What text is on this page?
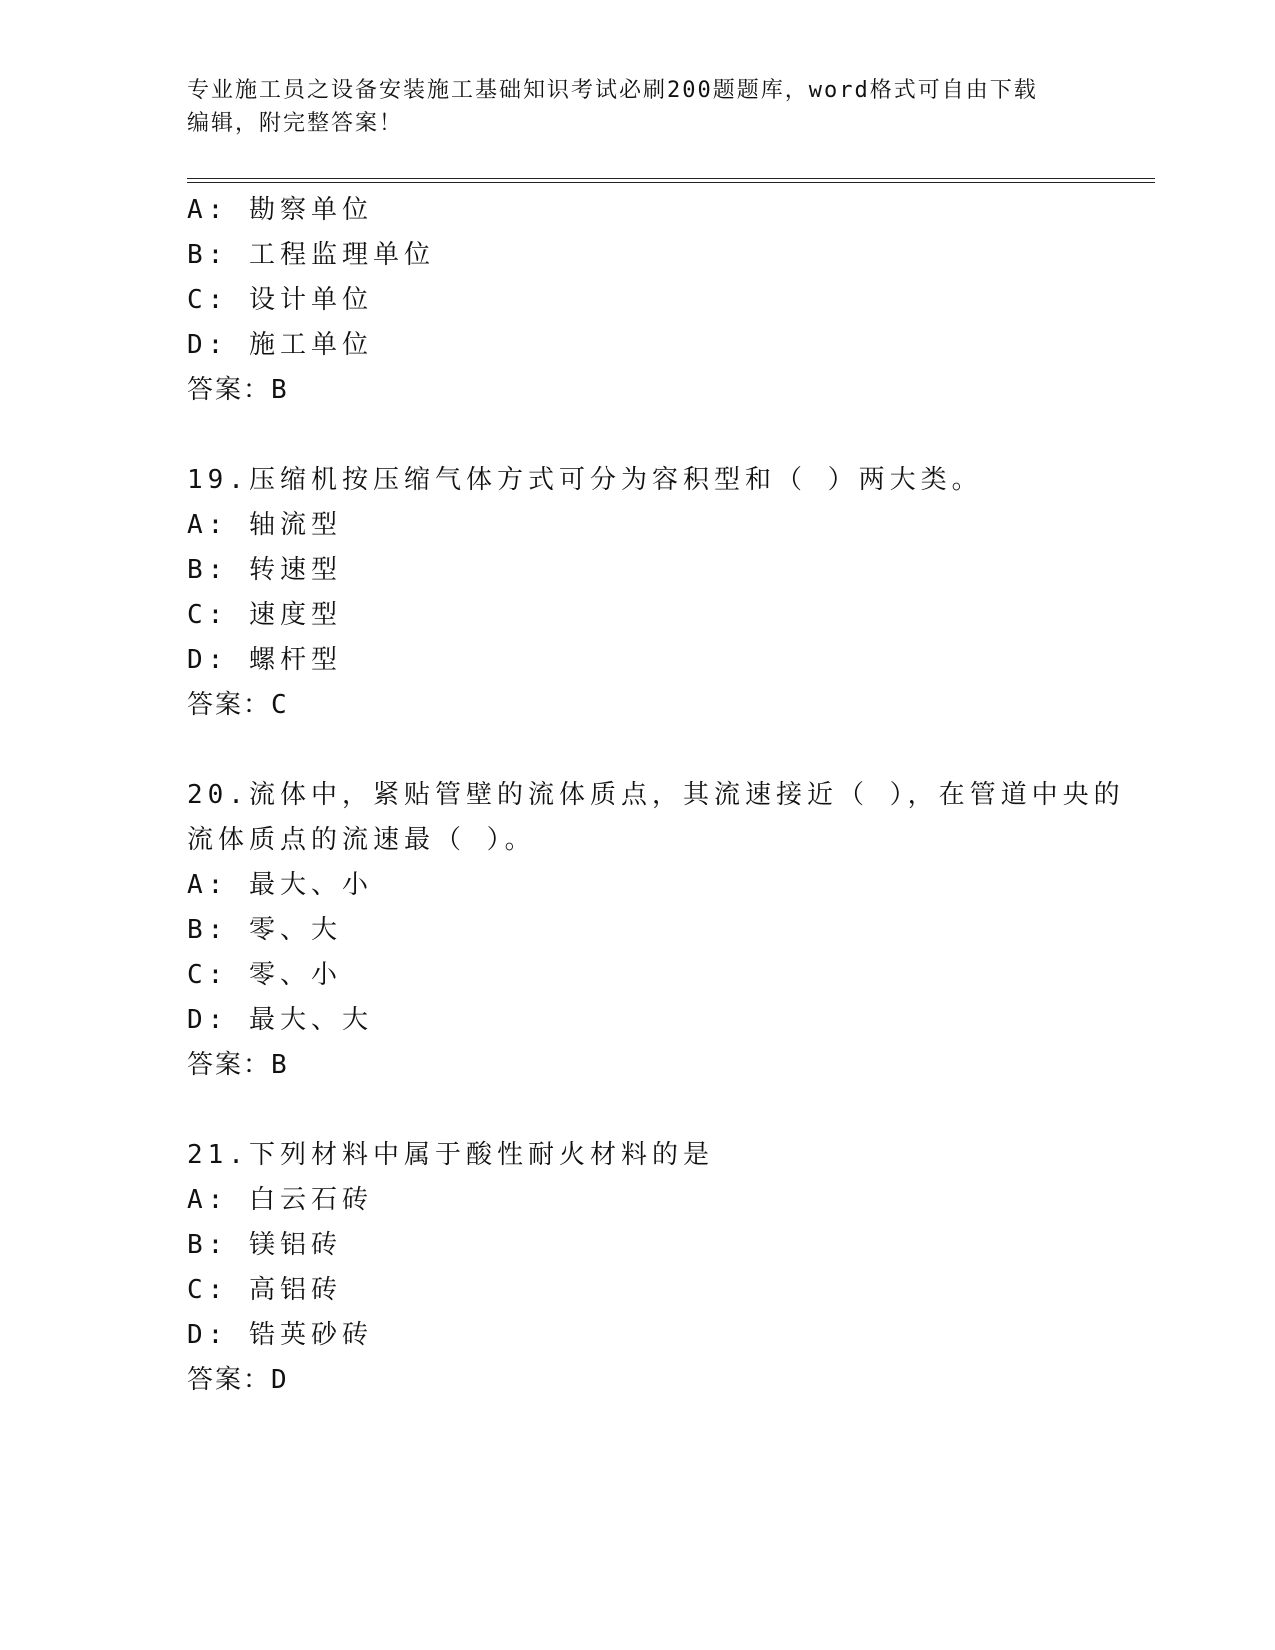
专业施工员之设备安装施工基础知识考试必刷200题题库，word格式可自由下载
编辑，附完整答案！
A: 勘察单位
B: 工程监理单位
C: 设计单位
D: 施工单位
答案：B
19.压缩机按压缩气体方式可分为容积型和（ ）两大类。
A: 轴流型
B: 转速型
C: 速度型
D: 螺杆型
答案：C
20.流体中，紧贴管壁的流体质点，其流速接近（ ），在管道中央的
流体质点的流速最（ ）。
A: 最大、小
B: 零、大
C: 零、小
D: 最大、大
答案：B
21.下列材料中属于酸性耐火材料的是
A: 白云石砖
B: 镁铝砖
C: 高铝砖
D: 锆英砂砖
答案：D
